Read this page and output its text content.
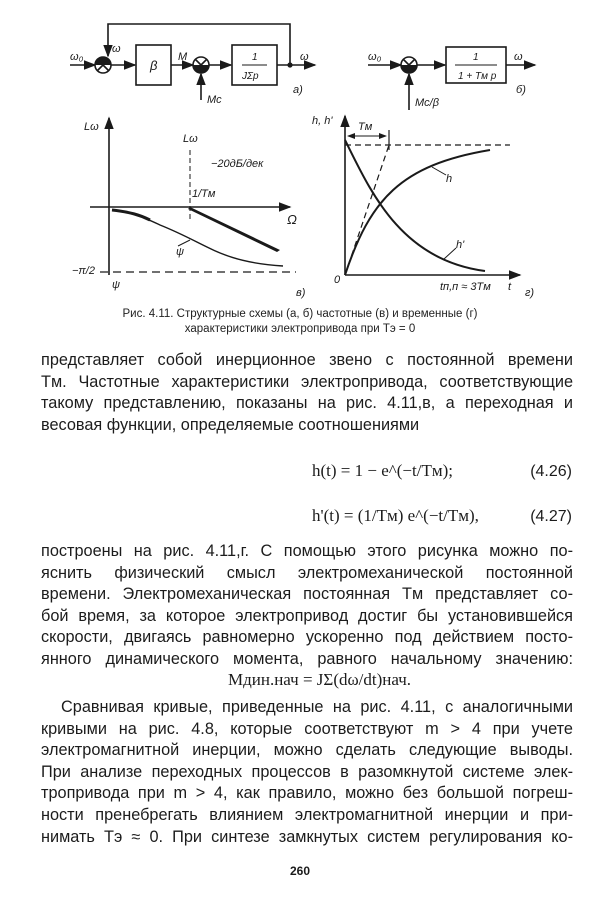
ω₀
ω
β
M
Mс
1
JΣp
ω
а)
ω₀
Mс/β
1
1 + Tм p
ω
б)
Lω
Lω
−20дБ/дек
1/Tм
Ω
ψ
−π/2
ψ
в)
h, h' Tм
h
h'
0
tп,п ≈ 3Tм t г)
Рис. 4.11. Структурные схемы (а, б) частотные (в) и временные (г)
характеристики электропривода при Tэ = 0
представляет собой инерционное звено с постоянной времени
Tм. Частотные характеристики электропривода, соответствующие
такому представлению, показаны на рис. 4.11,в, а переходная и
весовая функции, определяемые соотношениями
h(t) = 1 − e^(−t/Tм);	(4.26)
h'(t) = (1/Tм) e^(−t/Tм),	(4.27)
построены на рис. 4.11,г. С помощью этого рисунка можно по-
яснить физический смысл электромеханической постоянной
времени. Электромеханическая постоянная Tм представляет со-
бой время, за которое электропривод достиг бы установившейся
скорости, двигаясь равномерно ускоренно под действием посто-
янного динамического момента, равного начальному значению:
Mдин.нач = JΣ(dω/dt)нач.
Сравнивая кривые, приведенные на рис. 4.11, с аналогичными
кривыми на рис. 4.8, которые соответствуют m > 4 при учете
электромагнитной инерции, можно сделать следующие выводы.
При анализе переходных процессов в разомкнутой системе элек-
тропривода при m > 4, как правило, можно без большой погреш-
ности пренебрегать влиянием электромагнитной инерции и при-
нимать Tэ ≈ 0. При синтезе замкнутых систем регулирования ко-
260
